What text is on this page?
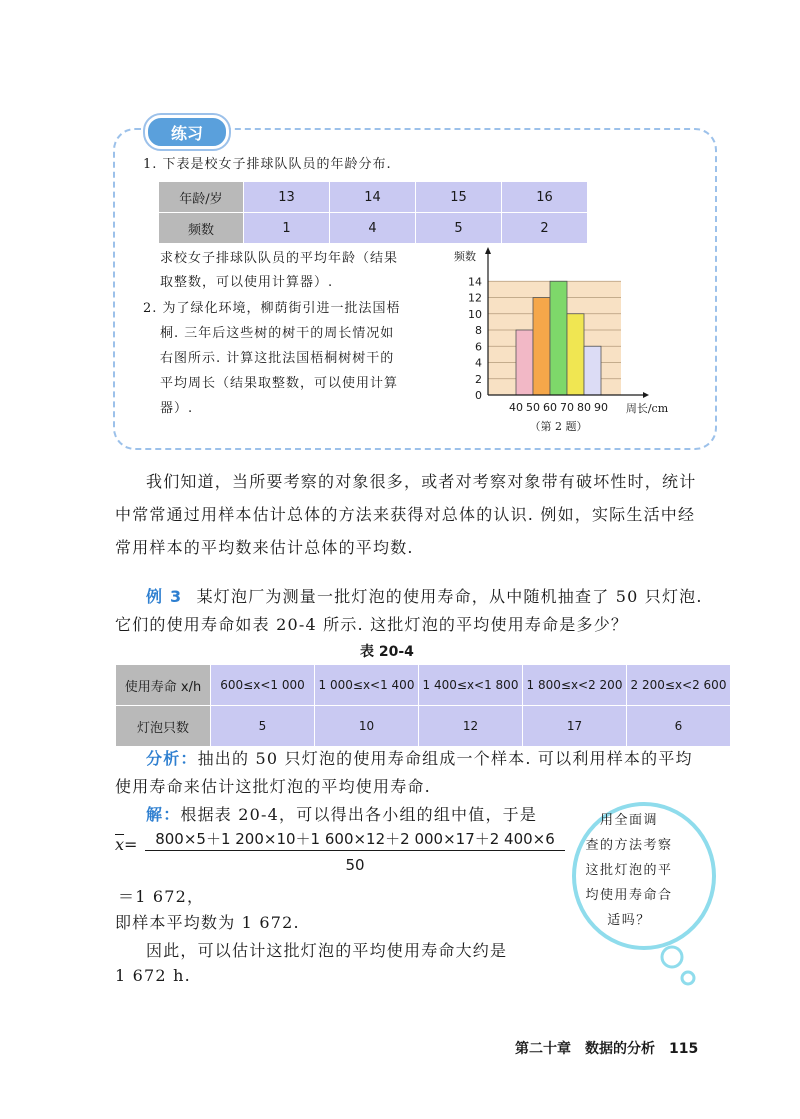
练习
1. 下表是校女子排球队队员的年龄分布.
年龄/岁	13	14	15	16
频数	1	4	5	2
求校女子排球队队员的平均年龄（结果
取整数，可以使用计算器）.
2. 为了绿化环境，柳荫街引进一批法国梧
桐. 三年后这些树的树干的周长情况如
右图所示. 计算这批法国梧桐树树干的
平均周长（结果取整数，可以使用计算
器）.
0
2
4
6
8
10
12
14
40 50 60 70 80 90
频数
周长/cm
（第 2 题）
我们知道，当所要考察的对象很多，或者对考察对象带有破坏性时，统计
中常常通过用样本估计总体的方法来获得对总体的认识. 例如，实际生活中经
常用样本的平均数来估计总体的平均数.
例 3 某灯泡厂为测量一批灯泡的使用寿命，从中随机抽查了 50 只灯泡.
它们的使用寿命如表 20-4 所示. 这批灯泡的平均使用寿命是多少？
表 20-4
使用寿命 x/h	600≤x<1 000	1 000≤x<1 400	1 400≤x<1 800	1 800≤x<2 200	2 200≤x<2 600
灯泡只数	5	10	12	17	6
分析：抽出的 50 只灯泡的使用寿命组成一个样本. 可以利用样本的平均
使用寿命来估计这批灯泡的平均使用寿命.
解：根据表 20-4，可以得出各小组的组中值，于是
$\overline{x}=$	800×5＋1 200×10＋1 600×12＋2 000×17＋2 400×6
50
＝1 672，
即样本平均数为 1 672.
因此，可以估计这批灯泡的平均使用寿命大约是
1 672 h.
用全面调
查的方法考察
这批灯泡的平
均使用寿命合
适吗？
第二十章　数据的分析　115
